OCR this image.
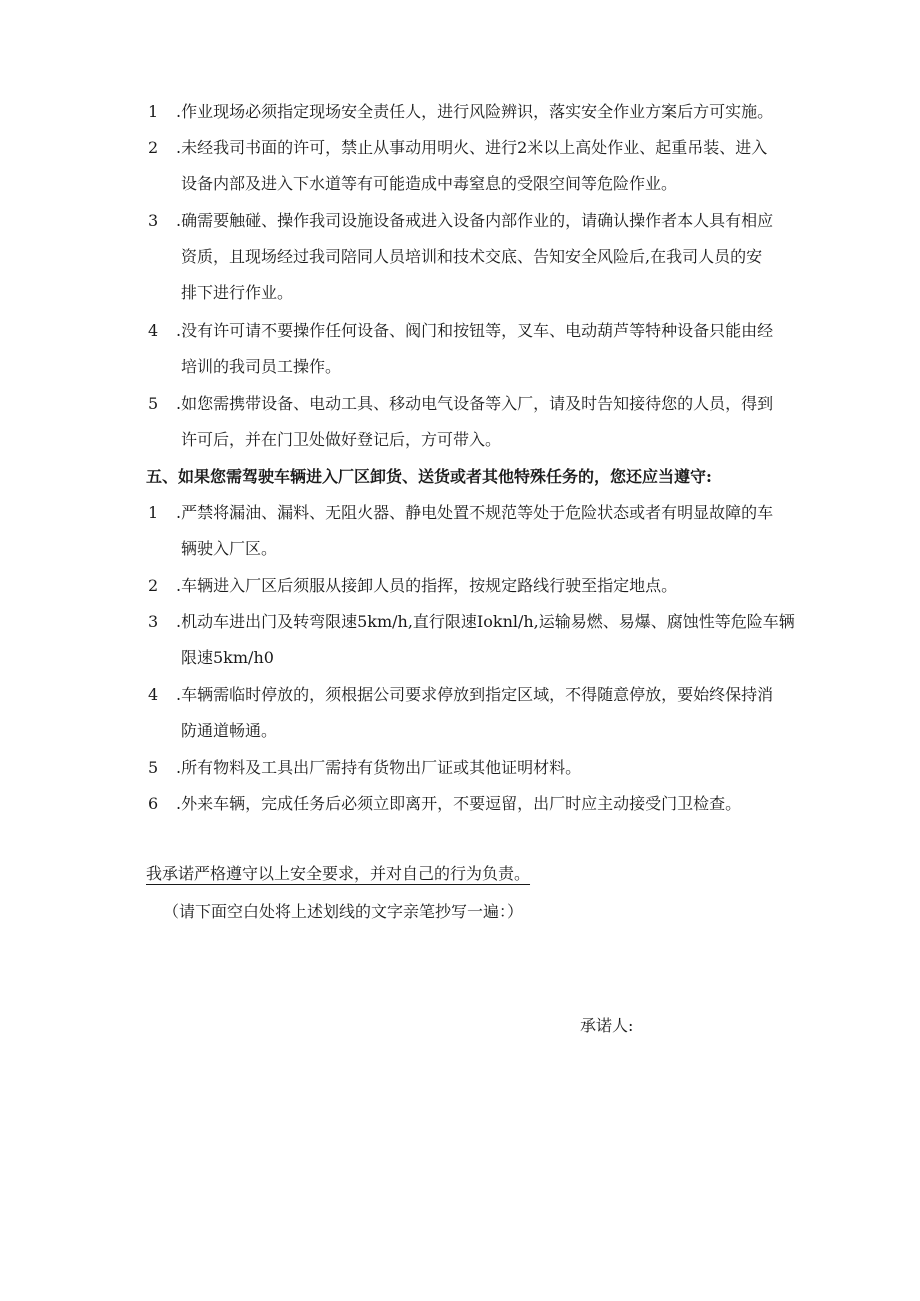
1 .作业现场必须指定现场安全责任人，进行风险辨识，落实安全作业方案后方可实施。
2 .未经我司书面的许可，禁止从事动用明火、进行2米以上高处作业、起重吊装、进入
设备内部及进入下水道等有可能造成中毒窒息的受限空间等危险作业。
3 .确需要触碰、操作我司设施设备戒进入设备内部作业的，请确认操作者本人具有相应
资质，且现场经过我司陪同人员培训和技术交底、告知安全风险后,在我司人员的安
排下进行作业。
4 .没有许可请不要操作任何设备、阀门和按钮等，叉车、电动葫芦等特种设备只能由经
培训的我司员工操作。
5 .如您需携带设备、电动工具、移动电气设备等入厂，请及时告知接待您的人员，得到
许可后，并在门卫处做好登记后，方可带入。
五、如果您需驾驶车辆进入厂区卸货、送货或者其他特殊任务的，您还应当遵守:
1 .严禁将漏油、漏料、无阻火器、静电处置不规范等处于危险状态或者有明显故障的车
辆驶入厂区。
2 .车辆进入厂区后须服从接卸人员的指挥，按规定路线行驶至指定地点。
3 .机动车进出门及转弯限速5km∕h,直行限速Ioknl∕h,运输易燃、易爆、腐蚀性等危险车辆
限速5km∕h0
4 .车辆需临时停放的，须根据公司要求停放到指定区域，不得随意停放，要始终保持消
防通道畅通。
5 .所有物料及工具出厂需持有货物出厂证或其他证明材料。
6 .外来车辆，完成任务后必须立即离开，不要逗留，出厂时应主动接受门卫检查。
我承诺严格遵守以上安全要求，并对自己的行为负责。
（请下面空白处将上述划线的文字亲笔抄写一遍：）
承诺人:
